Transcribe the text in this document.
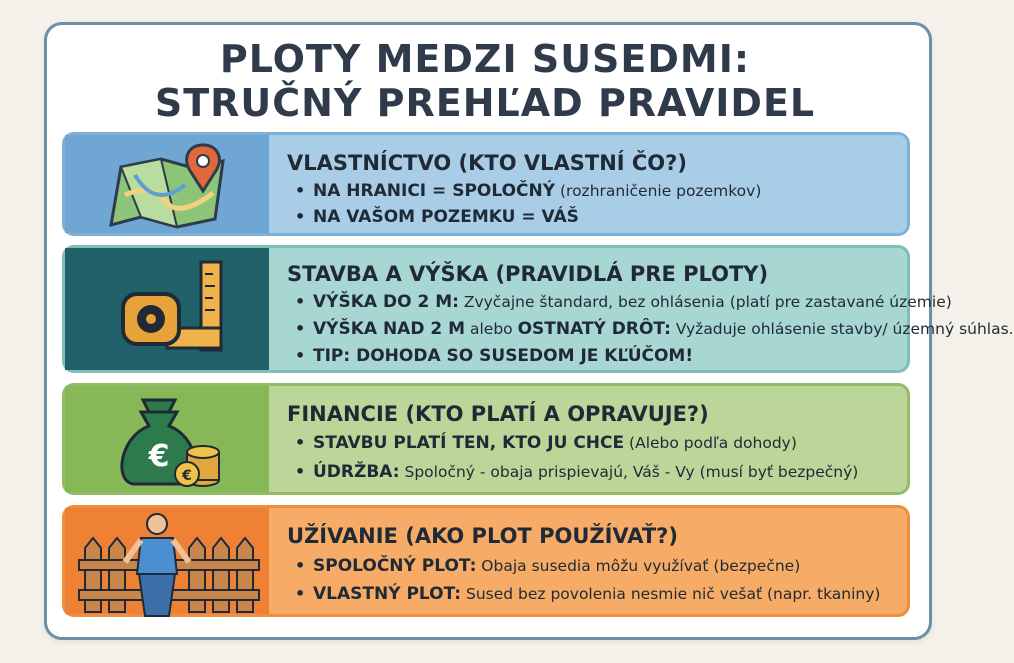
PLOTY MEDZI SUSEDMI:
STRUČNÝ PREHĽAD PRAVIDEL
VLASTNÍCTVO (KTO VLASTNÍ ČO?)
• NA HRANICI = SPOLOČNÝ (rozhraničenie pozemkov)
• NA VAŠOM POZEMKU = VÁŠ
STAVBA A VÝŠKA (PRAVIDLÁ PRE PLOTY)
• VÝŠKA DO 2 M: Zvyčajne štandard, bez ohlásenia (platí pre zastavané územie)
• VÝŠKA NAD 2 M alebo OSTNATÝ DRÔT: Vyžaduje ohlásenie stavby/ územný súhlas.
• TIP: DOHODA SO SUSEDOM JE KĽÚČOM!
€
€
FINANCIE (KTO PLATÍ A OPRAVUJE?)
• STAVBU PLATÍ TEN, KTO JU CHCE (Alebo podľa dohody)
• ÚDRŽBA: Spoločný - obaja prispievajú, Váš - Vy (musí byť bezpečný)
UŽÍVANIE (AKO PLOT POUŽÍVAŤ?)
• SPOLOČNÝ PLOT: Obaja susedia môžu využívať (bezpečne)
• VLASTNÝ PLOT: Sused bez povolenia nesmie nič vešať (napr. tkaniny)
